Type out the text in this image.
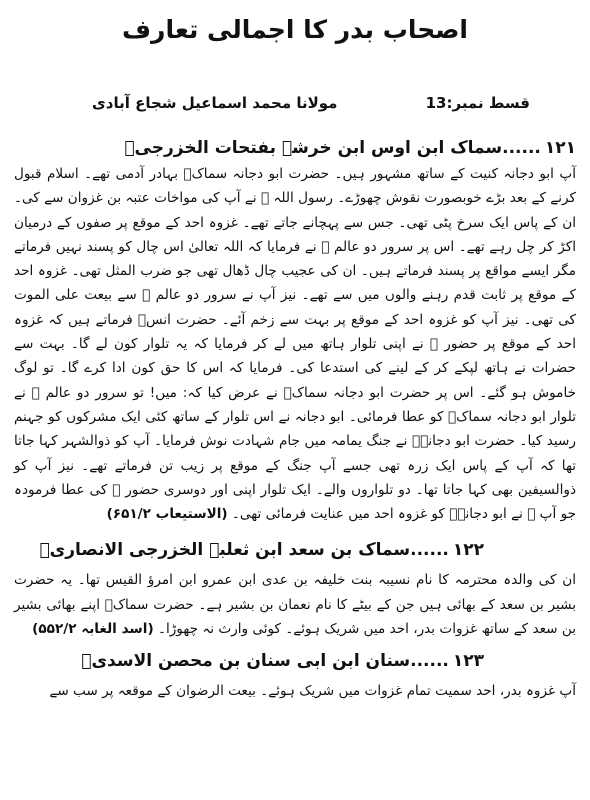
اصحاب بدر کا اجمالی تعارف
قسط نمبر:13
مولانا محمد اسماعیل شجاع آبادی
۱۲۱......سماک ابن اوس ابن خرشہ بفتحات الخزرجیؓ

آپ ابو دجانہ کنیت کے ساتھ مشہور ہیں۔ حضرت ابو دجانہ سماکؓ بہادر آدمی تھے۔ اسلام قبول کرنے کے بعد بڑے خوبصورت نقوش چھوڑے۔ رسول اللہ ﷺ نے آپ کی مواخات عتبہ بن غزوان سے کی۔ ان کے پاس ایک سرخ پٹی تھی۔ جس سے پہچانے جاتے تھے۔ غزوہ احد کے موقع پر صفوں کے درمیان اکڑ کر چل رہے تھے۔ اس پر سرور دو عالم ﷺ نے فرمایا کہ اللہ تعالیٰ اس چال کو پسند نہیں فرماتے مگر ایسے مواقع پر پسند فرماتے ہیں۔ ان کی عجیب چال ڈھال تھی جو ضرب المثل تھی۔ غزوہ احد کے موقع پر ثابت قدم رہنے والوں میں سے تھے۔ نیز آپ نے سرور دو عالم ﷺ سے بیعت علی الموت کی تھی۔ نیز آپ کو غزوہ احد کے موقع پر بہت سے زخم آئے۔ حضرت انسؓ فرماتے ہیں کہ غزوہ احد کے موقع پر حضور ﷺ نے اپنی تلوار ہاتھ میں لے کر فرمایا کہ یہ تلوار کون لے گا۔ بہت سے حضرات نے ہاتھ لپکے کر کے لینے کی استدعا کی۔ فرمایا کہ اس کا حق کون ادا کرے گا۔ تو لوگ خاموش ہو گئے۔ اس پر حضرت ابو دجانہ سماکؓ نے عرض کیا کہ: میں! تو سرور دو عالم ﷺ نے تلوار ابو دجانہ سماکؓ کو عطا فرمائی۔ ابو دجانہ نے اس تلوار کے ساتھ کئی ایک مشرکوں کو جہنم رسید کیا۔ حضرت ابو دجانہؓ نے جنگ یمامہ میں جام شہادت نوش فرمایا۔ آپ کو ذوالشہر کہا جاتا تھا کہ آپ کے پاس ایک زرہ تھی جسے آپ جنگ کے موقع پر زیب تن فرماتے تھے۔ نیز آپ کو ذوالسیفین بھی کہا جاتا تھا۔ دو تلواروں والے۔ ایک تلوار اپنی اور دوسری حضور ﷺ کی عطا فرمودہ جو آپ ﷺ نے ابو دجانہؓ کو غزوہ احد میں عنایت فرمائی تھی۔ (الاستیعاب ۶۵۱/۲)

۱۲۲......سماک بن سعد ابن ثعلبہ الخزرجی الانصاریؓ

ان کی والدہ محترمہ کا نام نسیبہ بنت خلیفہ بن عدی ابن عمرو ابن امرؤ القیس تھا۔ یہ حضرت بشیر بن سعد کے بھائی ہیں جن کے بیٹے کا نام نعمان بن بشیر ہے۔ حضرت سماکؓ اپنے بھائی بشیر بن سعد کے ساتھ غزوات بدر، احد میں شریک ہوئے۔ کوئی وارث نہ چھوڑا۔ (اسد الغابہ ۵۵۲/۲)

۱۲۳......سنان ابن ابی سنان بن محصن الاسدیؓ

آپ غزوہ بدر، احد سمیت تمام غزوات میں شریک ہوئے۔ بیعت الرضوان کے موقعہ پر سب سے
